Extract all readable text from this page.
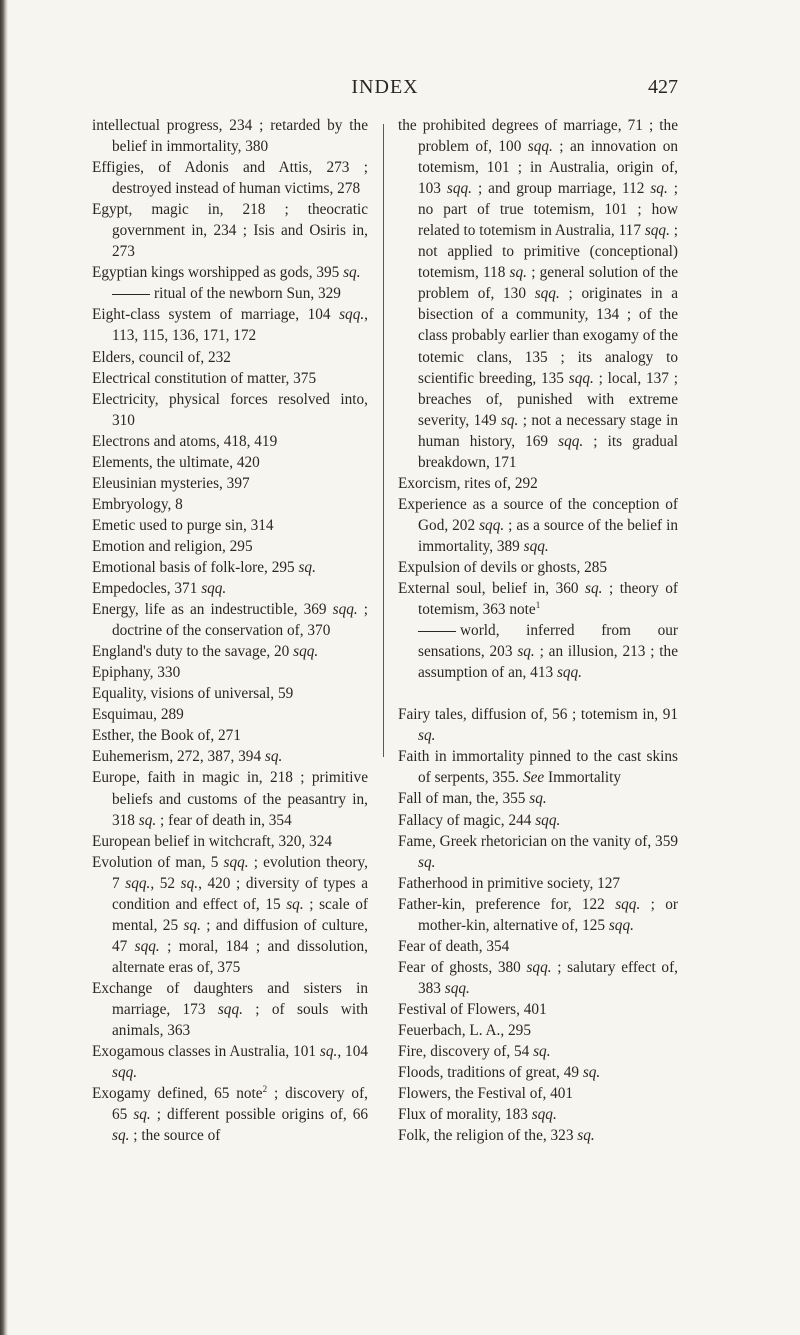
INDEX	427

intellectual progress, 234 ; retarded by the belief in immortality, 380

Effigies, of Adonis and Attis, 273 ; destroyed instead of human victims, 278

Egypt, magic in, 218 ; theocratic government in, 234 ; Isis and Osiris in, 273

Egyptian kings worshipped as gods, 395 sq.

ritual of the newborn Sun, 329

Eight-class system of marriage, 104 sqq., 113, 115, 136, 171, 172

Elders, council of, 232

Electrical constitution of matter, 375

Electricity, physical forces resolved into, 310

Electrons and atoms, 418, 419

Elements, the ultimate, 420

Eleusinian mysteries, 397

Embryology, 8

Emetic used to purge sin, 314

Emotion and religion, 295

Emotional basis of folk-lore, 295 sq.

Empedocles, 371 sqq.

Energy, life as an indestructible, 369 sqq. ; doctrine of the conservation of, 370

England's duty to the savage, 20 sqq.

Epiphany, 330

Equality, visions of universal, 59

Esquimau, 289

Esther, the Book of, 271

Euhemerism, 272, 387, 394 sq.

Europe, faith in magic in, 218 ; primitive beliefs and customs of the peasantry in, 318 sq. ; fear of death in, 354

European belief in witchcraft, 320, 324

Evolution of man, 5 sqq. ; evolution theory, 7 sqq., 52 sq., 420 ; diversity of types a condition and effect of, 15 sq. ; scale of mental, 25 sq. ; and diffusion of culture, 47 sqq. ; moral, 184 ; and dissolution, alternate eras of, 375

Exchange of daughters and sisters in marriage, 173 sqq. ; of souls with animals, 363

Exogamous classes in Australia, 101 sq., 104 sqq.

Exogamy defined, 65 note$^2$ ; discovery of, 65 sq. ; different possible origins of, 66 sq. ; the source of

the prohibited degrees of marriage, 71 ; the problem of, 100 sqq. ; an innovation on totemism, 101 ; in Australia, origin of, 103 sqq. ; and group marriage, 112 sq. ; no part of true totemism, 101 ; how related to totemism in Australia, 117 sqq. ; not applied to primitive (conceptional) totemism, 118 sq. ; general solution of the problem of, 130 sqq. ; originates in a bisection of a community, 134 ; of the class probably earlier than exogamy of the totemic clans, 135 ; its analogy to scientific breeding, 135 sqq. ; local, 137 ; breaches of, punished with extreme severity, 149 sq. ; not a necessary stage in human history, 169 sqq. ; its gradual breakdown, 171

Exorcism, rites of, 292

Experience as a source of the conception of God, 202 sqq. ; as a source of the belief in immortality, 389 sqq.

Expulsion of devils or ghosts, 285

External soul, belief in, 360 sq. ; theory of totemism, 363 note$^1$

world, inferred from our sensations, 203 sq. ; an illusion, 213 ; the assumption of an, 413 sqq.

Fairy tales, diffusion of, 56 ; totemism in, 91 sq.

Faith in immortality pinned to the cast skins of serpents, 355. See Immortality

Fall of man, the, 355 sq.

Fallacy of magic, 244 sqq.

Fame, Greek rhetorician on the vanity of, 359 sq.

Fatherhood in primitive society, 127

Father-kin, preference for, 122 sqq. ; or mother-kin, alternative of, 125 sqq.

Fear of death, 354

Fear of ghosts, 380 sqq. ; salutary effect of, 383 sqq.

Festival of Flowers, 401

Feuerbach, L. A., 295

Fire, discovery of, 54 sq.

Floods, traditions of great, 49 sq.

Flowers, the Festival of, 401

Flux of morality, 183 sqq.

Folk, the religion of the, 323 sq.
